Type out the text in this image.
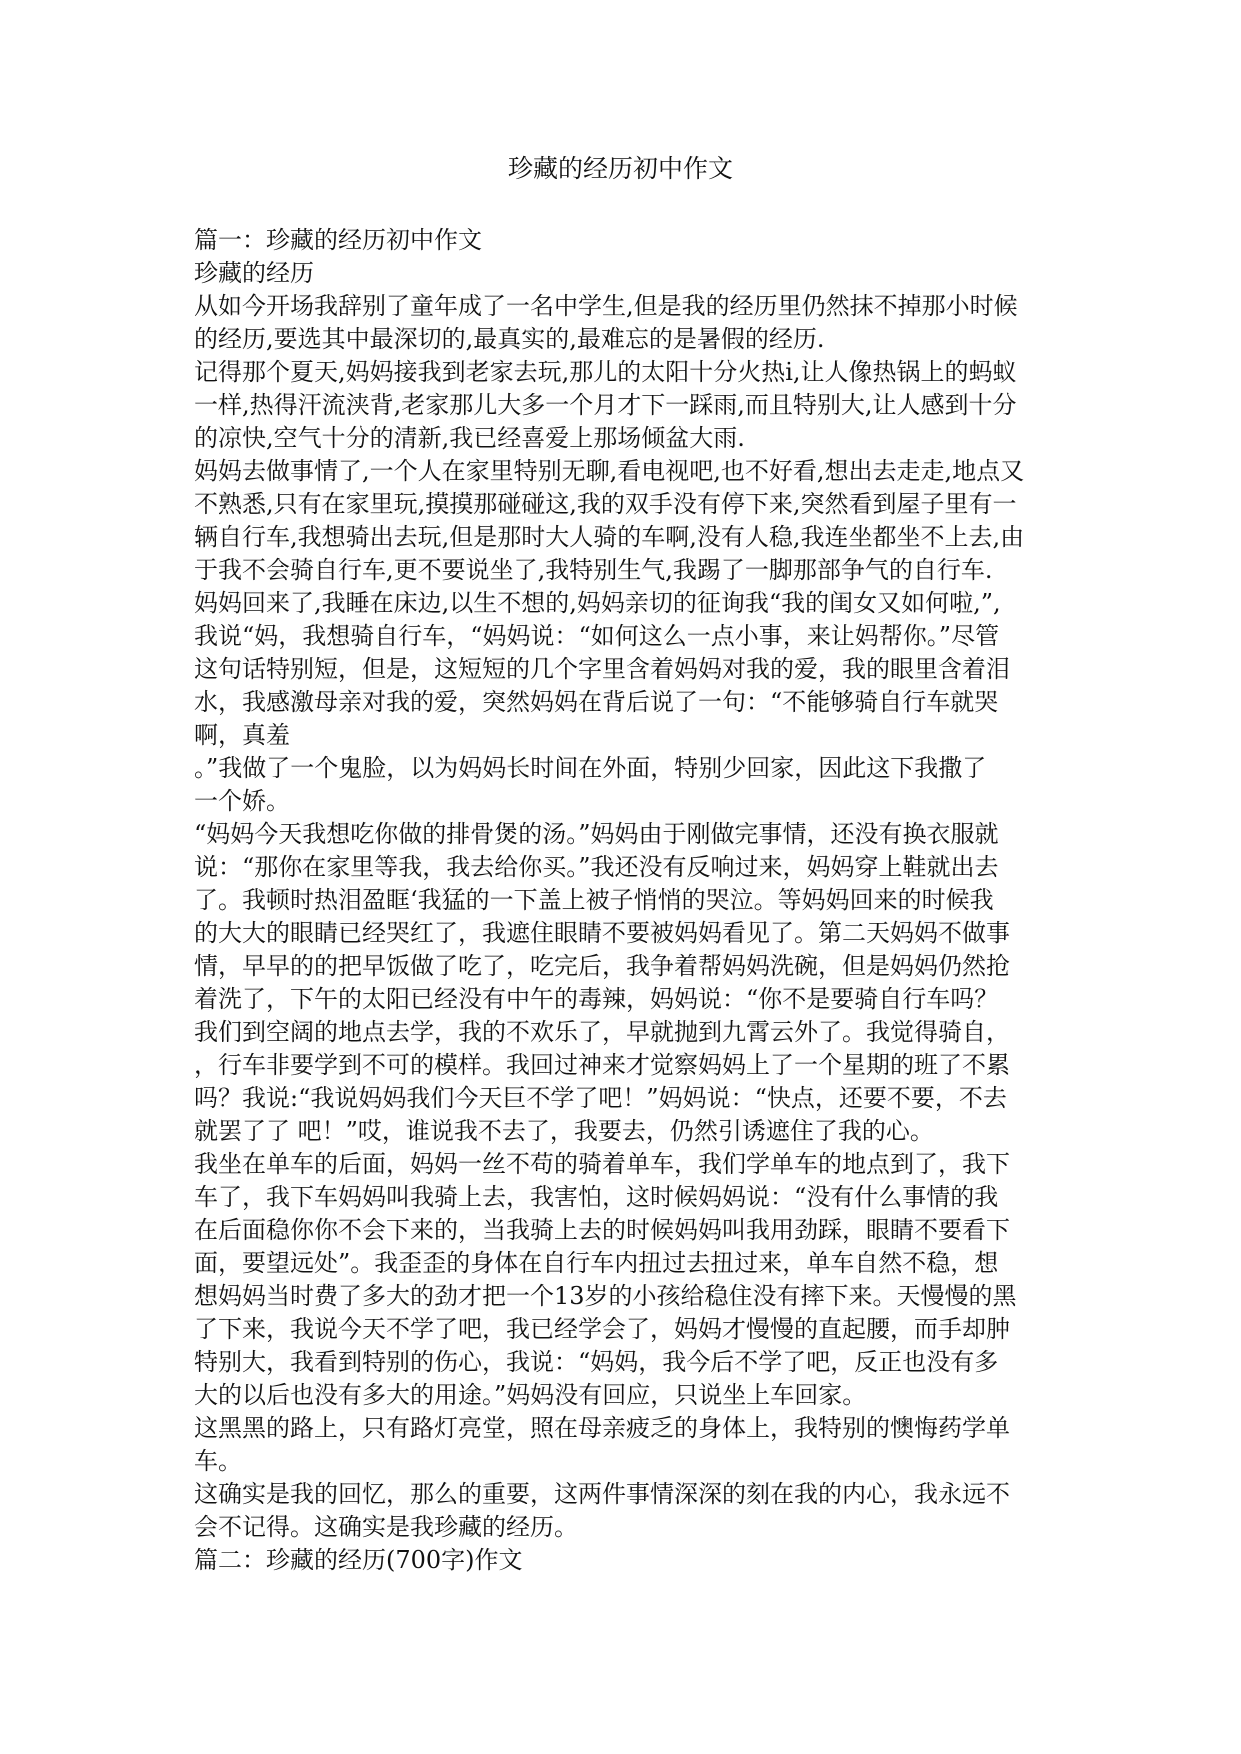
珍藏的经历初中作文

篇一：珍藏的经历初中作文

珍藏的经历

从如今开场我辞别了童年成了一名中学生,但是我的经历里仍然抹不掉那小时候

的经历,要选其中最深切的,最真实的,最难忘的是暑假的经历.

记得那个夏天,妈妈接我到老家去玩,那儿的太阳十分火热i,让人像热锅上的蚂蚁

一样,热得汗流浃背,老家那儿大多一个月才下一踩雨,而且特别大,让人感到十分

的凉快,空气十分的清新,我已经喜爱上那场倾盆大雨.

妈妈去做事情了,一个人在家里特别无聊,看电视吧,也不好看,想出去走走,地点又

不熟悉,只有在家里玩,摸摸那碰碰这,我的双手没有停下来,突然看到屋子里有一

辆自行车,我想骑出去玩,但是那时大人骑的车啊,没有人稳,我连坐都坐不上去,由

于我不会骑自行车,更不要说坐了,我特别生气,我踢了一脚那部争气的自行车.

妈妈回来了,我睡在床边,以生不想的,妈妈亲切的征询我“我的闺女又如何啦,”,

我说“妈，我想骑自行车，“妈妈说：“如何这么一点小事，来让妈帮你。”尽管

这句话特别短，但是，这短短的几个字里含着妈妈对我的爱，我的眼里含着泪

水，我感激母亲对我的爱，突然妈妈在背后说了一句：“不能够骑自行车就哭

啊，真羞

。”我做了一个鬼脸，以为妈妈长时间在外面，特别少回家，因此这下我撒了

一个娇。

“妈妈今天我想吃你做的排骨煲的汤。”妈妈由于刚做完事情，还没有换衣服就

说：“那你在家里等我，我去给你买。”我还没有反响过来，妈妈穿上鞋就出去

了。我顿时热泪盈眶‘我猛的一下盖上被子悄悄的哭泣。等妈妈回来的时候我

的大大的眼睛已经哭红了，我遮住眼睛不要被妈妈看见了。第二天妈妈不做事

情，早早的的把早饭做了吃了，吃完后，我争着帮妈妈洗碗，但是妈妈仍然抢

着洗了，下午的太阳已经没有中午的毒辣，妈妈说：“你不是要骑自行车吗？

我们到空阔的地点去学，我的不欢乐了，早就抛到九霄云外了。我觉得骑自，

，行车非要学到不可的模样。我回过神来才觉察妈妈上了一个星期的班了不累

吗？我说:“我说妈妈我们今天巨不学了吧！”妈妈说：“快点，还要不要，不去

就罢了了 吧！”哎，谁说我不去了，我要去，仍然引诱遮住了我的心。

我坐在单车的后面，妈妈一丝不苟的骑着单车，我们学单车的地点到了，我下

车了，我下车妈妈叫我骑上去，我害怕，这时候妈妈说：“没有什么事情的我

在后面稳你你不会下来的，当我骑上去的时候妈妈叫我用劲踩，眼睛不要看下

面，要望远处”。我歪歪的身体在自行车内扭过去扭过来，单车自然不稳，想

想妈妈当时费了多大的劲才把一个13岁的小孩给稳住没有摔下来。天慢慢的黑

了下来，我说今天不学了吧，我已经学会了，妈妈才慢慢的直起腰，而手却肿

特别大，我看到特别的伤心，我说：“妈妈，我今后不学了吧，反正也没有多

大的以后也没有多大的用途。”妈妈没有回应，只说坐上车回家。

这黑黑的路上，只有路灯亮堂，照在母亲疲乏的身体上，我特别的懊悔药学单

车。

这确实是我的回忆，那么的重要，这两件事情深深的刻在我的内心，我永远不

会不记得。这确实是我珍藏的经历。

篇二：珍藏的经历(700字)作文
